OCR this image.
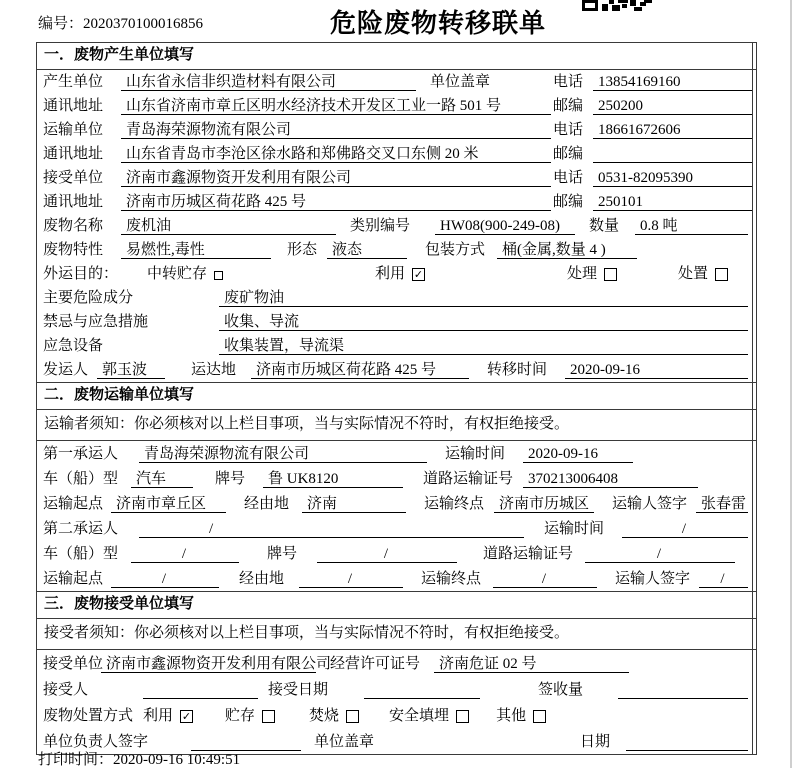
编号：2020370100016856	危险废物转移联单
一．废物产生单位填写
产生单位	山东省永信非织造材料有限公司	单位盖章	电话	13854169160
通讯地址	山东省济南市章丘区明水经济技术开发区工业一路 501 号	邮编	250200
运输单位	青岛海荣源物流有限公司	电话	18661672606
通讯地址	山东省青岛市李沧区徐水路和郑佛路交叉口东侧 20 米	邮编
接受单位	济南市鑫源物资开发利用有限公司	电话	0531-82095390
通讯地址	济南市历城区荷花路 425 号	邮编	250101
废物名称	废机油	类别编号	HW08(900-249-08)	数量	0.8 吨
废物特性	易燃性,毒性	形态 液态	包装方式	桶(金属,数量 4 )
外运目的：	中转贮存	利用 ✓	处理	处置
主要危险成分	废矿物油
禁忌与应急措施	收集、导流
应急设备	收集装置，导流渠
发运人 郭玉波	运达地	济南市历城区荷花路 425 号	转移时间	2020-09-16
二．废物运输单位填写
运输者须知：你必须核对以上栏目事项，当与实际情况不符时，有权拒绝接受。
第一承运人	青岛海荣源物流有限公司	运输时间	2020-09-16
车（船）型	汽车	牌号	鲁 UK8120	道路运输证号 370213006408
运输起点 济南市章丘区	经由地	济南	运输终点 济南市历城区	运输人签字 张春雷
第二承运人	/	运输时间	/
车（船）型	/	牌号	/	道路运输证号	/
运输起点	/	经由地	/	运输终点	/	运输人签字	/
三．废物接受单位填写
接受者须知：你必须核对以上栏目事项，当与实际情况不符时，有权拒绝接受。
接受单位 济南市鑫源物资开发利用有限公司
经营许可证号	济南危证 02 号
接受人	接受日期	签收量
废物处置方式 利用 ✓ 贮存	焚烧	安全填埋	其他
单位负责人签字	单位盖章	日期
打印时间：2020-09-16 10:49:51
